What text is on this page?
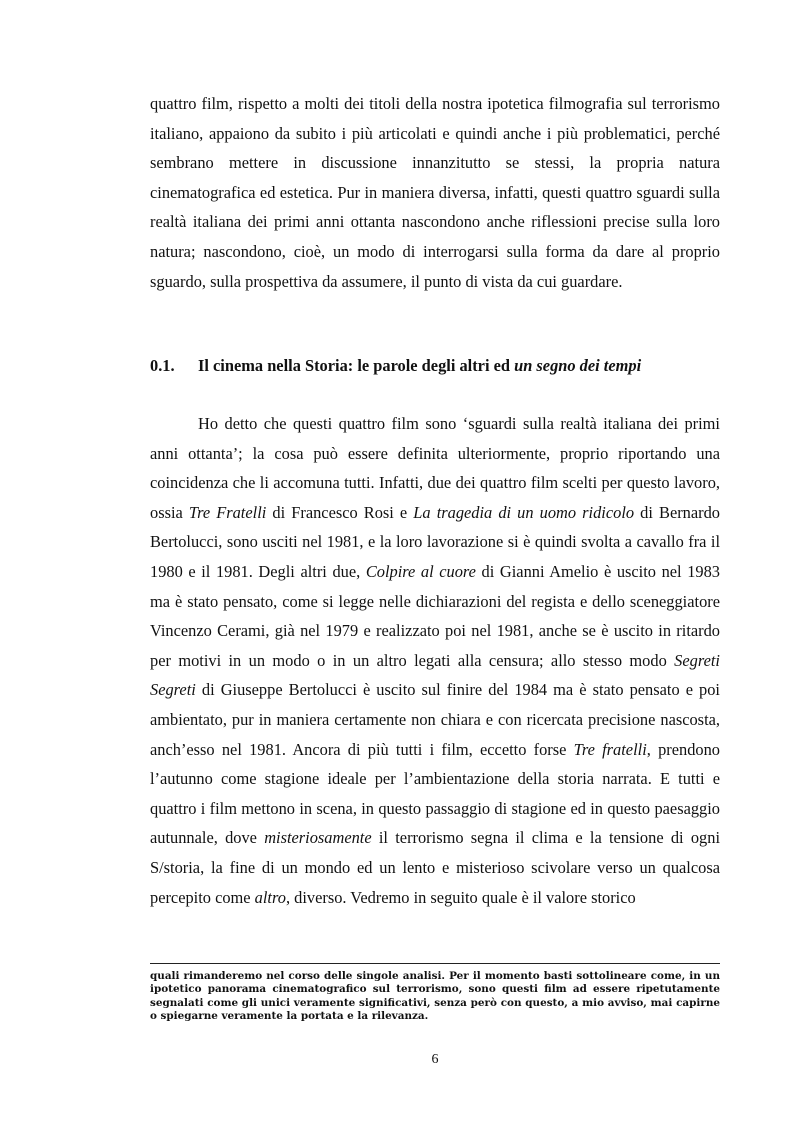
quattro film, rispetto a molti dei titoli della nostra ipotetica filmografia sul terrorismo italiano, appaiono da subito i più articolati e quindi anche i più problematici, perché sembrano mettere in discussione innanzitutto se stessi, la propria natura cinematografica ed estetica. Pur in maniera diversa, infatti, questi quattro sguardi sulla realtà italiana dei primi anni ottanta nascondono anche riflessioni precise sulla loro natura; nascondono, cioè, un modo di interrogarsi sulla forma da dare al proprio sguardo, sulla prospettiva da assumere, il punto di vista da cui guardare.

0.1. Il cinema nella Storia: le parole degli altri ed un segno dei tempi

Ho detto che questi quattro film sono ‘sguardi sulla realtà italiana dei primi anni ottanta’; la cosa può essere definita ulteriormente, proprio riportando una coincidenza che li accomuna tutti. Infatti, due dei quattro film scelti per questo lavoro, ossia Tre Fratelli di Francesco Rosi e La tragedia di un uomo ridicolo di Bernardo Bertolucci, sono usciti nel 1981, e la loro lavorazione si è quindi svolta a cavallo fra il 1980 e il 1981. Degli altri due, Colpire al cuore di Gianni Amelio è uscito nel 1983 ma è stato pensato, come si legge nelle dichiarazioni del regista e dello sceneggiatore Vincenzo Cerami, già nel 1979 e realizzato poi nel 1981, anche se è uscito in ritardo per motivi in un modo o in un altro legati alla censura; allo stesso modo Segreti Segreti di Giuseppe Bertolucci è uscito sul finire del 1984 ma è stato pensato e poi ambientato, pur in maniera certamente non chiara e con ricercata precisione nascosta, anch’esso nel 1981. Ancora di più tutti i film, eccetto forse Tre fratelli, prendono l’autunno come stagione ideale per l’ambientazione della storia narrata. E tutti e quattro i film mettono in scena, in questo passaggio di stagione ed in questo paesaggio autunnale, dove misteriosamente il terrorismo segna il clima e la tensione di ogni S/storia, la fine di un mondo ed un lento e misterioso scivolare verso un qualcosa percepito come altro, diverso. Vedremo in seguito quale è il valore storico

quali rimanderemo nel corso delle singole analisi. Per il momento basti sottolineare come, in un ipotetico panorama cinematografico sul terrorismo, sono questi film ad essere ripetutamente segnalati come gli unici veramente significativi, senza però con questo, a mio avviso, mai capirne o spiegarne veramente la portata e la rilevanza.

6
